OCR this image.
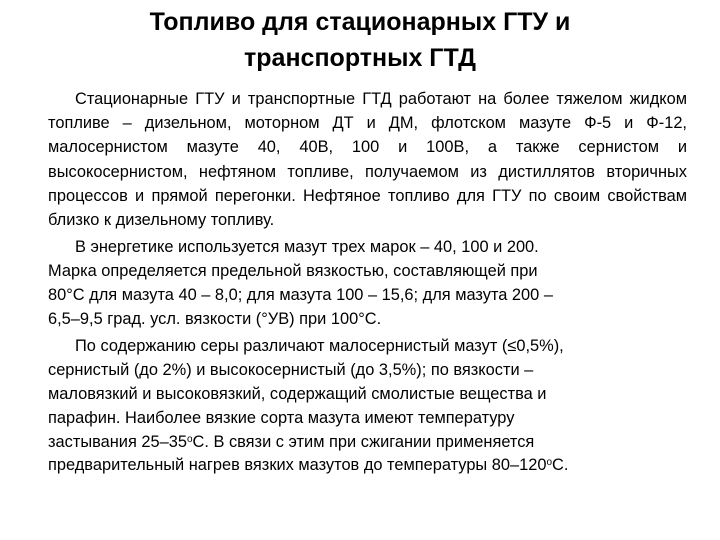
Топливо для стационарных ГТУ и
транспортных ГТД

Стационарные ГТУ и транспортные ГТД работают на более тяжелом жидком топливе – дизельном, моторном ДТ и ДМ, флотском мазуте Ф-5 и Ф-12, малосернистом мазуте 40, 40В, 100 и 100В, а также сернистом и высокосернистом, нефтяном топливе, получаемом из дистиллятов вторичных процессов и прямой перегонки. Нефтяное топливо для ГТУ по своим свойствам близко к дизельному топливу.

В энергетике используется мазут трех марок – 40, 100 и 200.
Марка определяется предельной вязкостью, составляющей при
80°С для мазута 40 – 8,0; для мазута 100 – 15,6; для мазута 200 –
6,5–9,5 град. усл. вязкости (°УВ) при 100°С.

По содержанию серы различают малосернистый мазут (≤0,5%),
сернистый (до 2%) и высокосернистый (до 3,5%); по вязкости –
маловязкий и высоковязкий, содержащий смолистые вещества и
парафин. Наиболее вязкие сорта мазута имеют температуру
застывания $25-35^оС$. В связи с этим при сжигании применяется
предварительный нагрев вязких мазутов до температуры $80-120^оС$.
